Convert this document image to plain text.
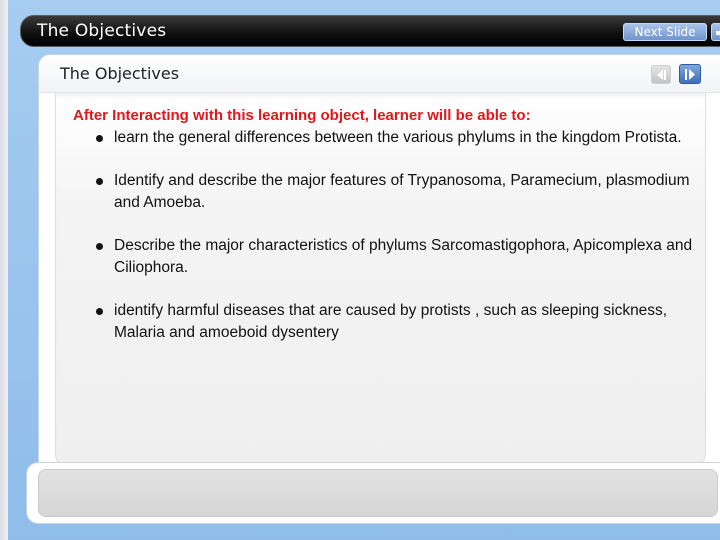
The Objectives	Next Slide
The Objectives
After Interacting with this learning object, learner will be able to:
learn the general differences between the various phylums in the kingdom Protista.
Identify and describe the major features of Trypanosoma, Paramecium, plasmodium and Amoeba.
Describe the major characteristics of phylums Sarcomastigophora, Apicomplexa and Ciliophora.
identify harmful diseases that are caused by protists , such as sleeping sickness, Malaria and amoeboid dysentery
